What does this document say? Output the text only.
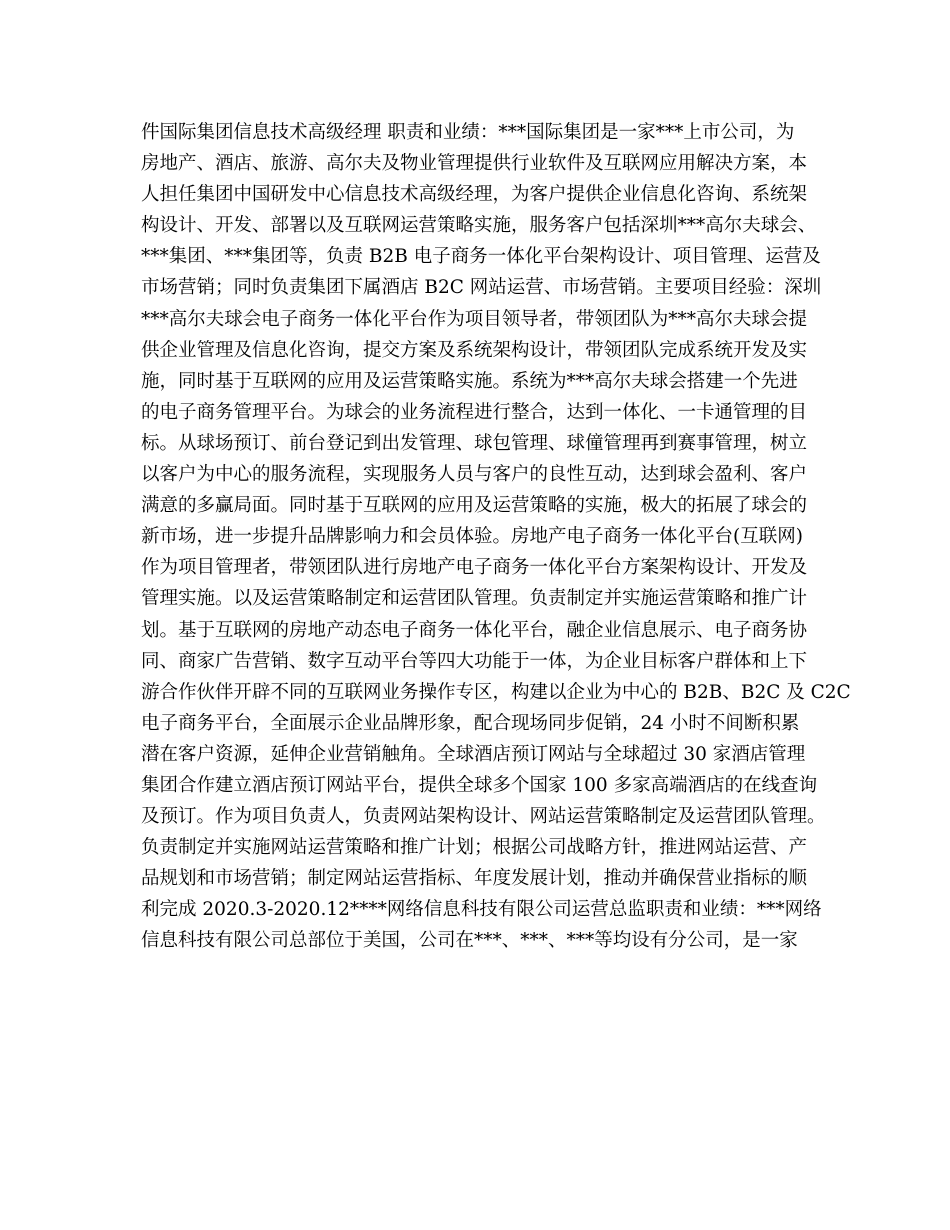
件国际集团信息技术高级经理 职责和业绩：***国际集团是一家***上市公司，为
房地产、酒店、旅游、高尔夫及物业管理提供行业软件及互联网应用解决方案，本
人担任集团中国研发中心信息技术高级经理，为客户提供企业信息化咨询、系统架
构设计、开发、部署以及互联网运营策略实施，服务客户包括深圳***高尔夫球会、
***集团、***集团等，负责 B2B 电子商务一体化平台架构设计、项目管理、运营及
市场营销；同时负责集团下属酒店 B2C 网站运营、市场营销。主要项目经验：深圳
***高尔夫球会电子商务一体化平台作为项目领导者，带领团队为***高尔夫球会提
供企业管理及信息化咨询，提交方案及系统架构设计，带领团队完成系统开发及实
施，同时基于互联网的应用及运营策略实施。系统为***高尔夫球会搭建一个先进
的电子商务管理平台。为球会的业务流程进行整合，达到一体化、一卡通管理的目
标。从球场预订、前台登记到出发管理、球包管理、球僮管理再到赛事管理，树立
以客户为中心的服务流程，实现服务人员与客户的良性互动，达到球会盈利、客户
满意的多赢局面。同时基于互联网的应用及运营策略的实施，极大的拓展了球会的
新市场，进一步提升品牌影响力和会员体验。房地产电子商务一体化平台(互联网)
作为项目管理者，带领团队进行房地产电子商务一体化平台方案架构设计、开发及
管理实施。以及运营策略制定和运营团队管理。负责制定并实施运营策略和推广计
划。基于互联网的房地产动态电子商务一体化平台，融企业信息展示、电子商务协
同、商家广告营销、数字互动平台等四大功能于一体，为企业目标客户群体和上下
游合作伙伴开辟不同的互联网业务操作专区，构建以企业为中心的 B2B、B2C 及 C2C
电子商务平台，全面展示企业品牌形象，配合现场同步促销，24 小时不间断积累
潜在客户资源，延伸企业营销触角。全球酒店预订网站与全球超过 30 家酒店管理
集团合作建立酒店预订网站平台，提供全球多个国家 100 多家高端酒店的在线查询
及预订。作为项目负责人，负责网站架构设计、网站运营策略制定及运营团队管理。
负责制定并实施网站运营策略和推广计划；根据公司战略方针，推进网站运营、产
品规划和市场营销；制定网站运营指标、年度发展计划，推动并确保营业指标的顺
利完成 2020.3-2020.12****网络信息科技有限公司运营总监职责和业绩：***网络
信息科技有限公司总部位于美国，公司在***、***、***等均设有分公司，是一家
